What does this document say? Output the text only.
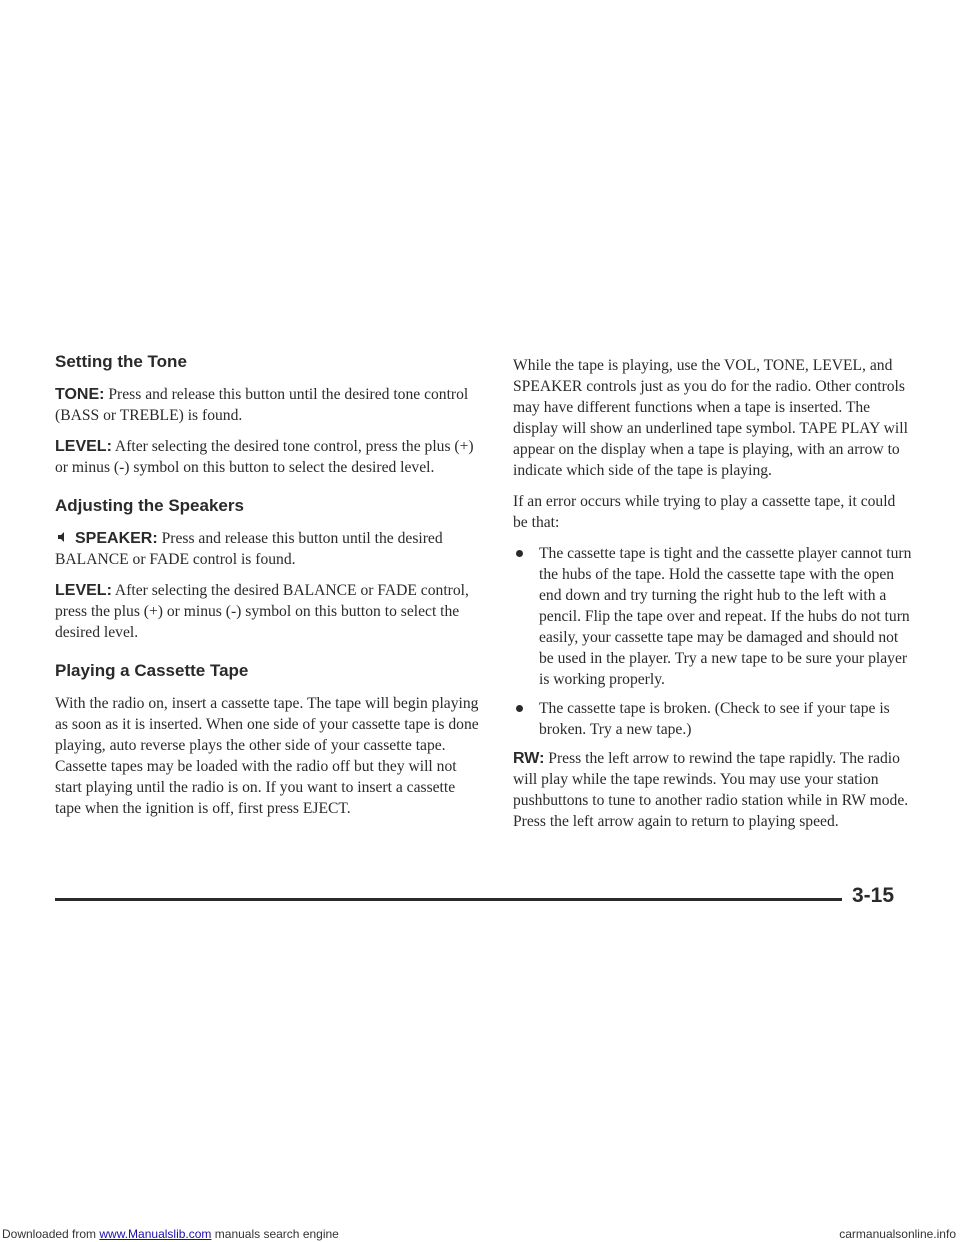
Setting the Tone

TONE: Press and release this button until the desired tone control (BASS or TREBLE) is found.

LEVEL: After selecting the desired tone control, press the plus (+) or minus (-) symbol on this button to select the desired level.

Adjusting the Speakers

SPEAKER: Press and release this button until the desired BALANCE or FADE control is found.

LEVEL: After selecting the desired BALANCE or FADE control, press the plus (+) or minus (-) symbol on this button to select the desired level.

Playing a Cassette Tape

With the radio on, insert a cassette tape. The tape will begin playing as soon as it is inserted. When one side of your cassette tape is done playing, auto reverse plays the other side of your cassette tape. Cassette tapes may be loaded with the radio off but they will not start playing until the radio is on. If you want to insert a cassette tape when the ignition is off, first press EJECT.

While the tape is playing, use the VOL, TONE, LEVEL, and SPEAKER controls just as you do for the radio. Other controls may have different functions when a tape is inserted. The display will show an underlined tape symbol. TAPE PLAY will appear on the display when a tape is playing, with an arrow to indicate which side of the tape is playing.

If an error occurs while trying to play a cassette tape, it could be that:

The cassette tape is tight and the cassette player cannot turn the hubs of the tape. Hold the cassette tape with the open end down and try turning the right hub to the left with a pencil. Flip the tape over and repeat. If the hubs do not turn easily, your cassette tape may be damaged and should not be used in the player. Try a new tape to be sure your player is working properly.
The cassette tape is broken. (Check to see if your tape is broken. Try a new tape.)

RW: Press the left arrow to rewind the tape rapidly. The radio will play while the tape rewinds. You may use your station pushbuttons to tune to another radio station while in RW mode. Press the left arrow again to return to playing speed.

3-15
Downloaded from www.Manualslib.com manuals search engine	carmanualsonline.info
